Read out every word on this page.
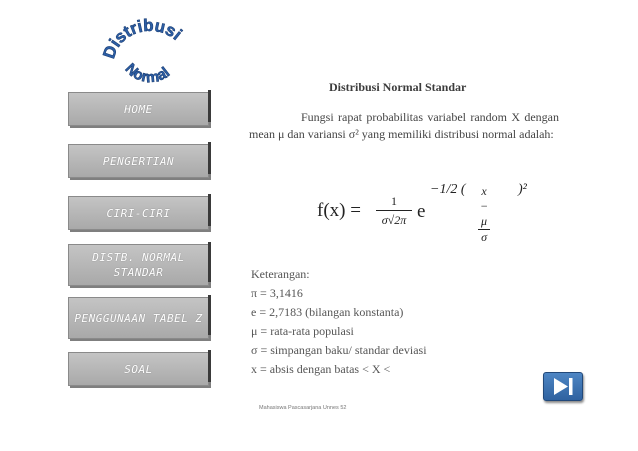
Distribusi
Normal
HOME
PENGERTIAN
CIRI-CIRI
DISTB. NORMAL STANDAR
PENGGUNAAN TABEL Z
SOAL
Distribusi Normal Standar
Fungsi rapat probabilitas variabel random X dengan mean μ dan variansi σ² yang memiliki distribusi normal adalah:
$f(x) = \frac{1}{\sigma√2\pi}$ e
−1/2 ( $\frac{x - \mu}{\sigma} )^2$
Keterangan:
π = 3,1416
e = 2,7183 (bilangan konstanta)
μ = rata-rata populasi
σ = simpangan baku/ standar deviasi
x = absis dengan batas < X <
Mahasiswa Pascasarjana Unnes 52
